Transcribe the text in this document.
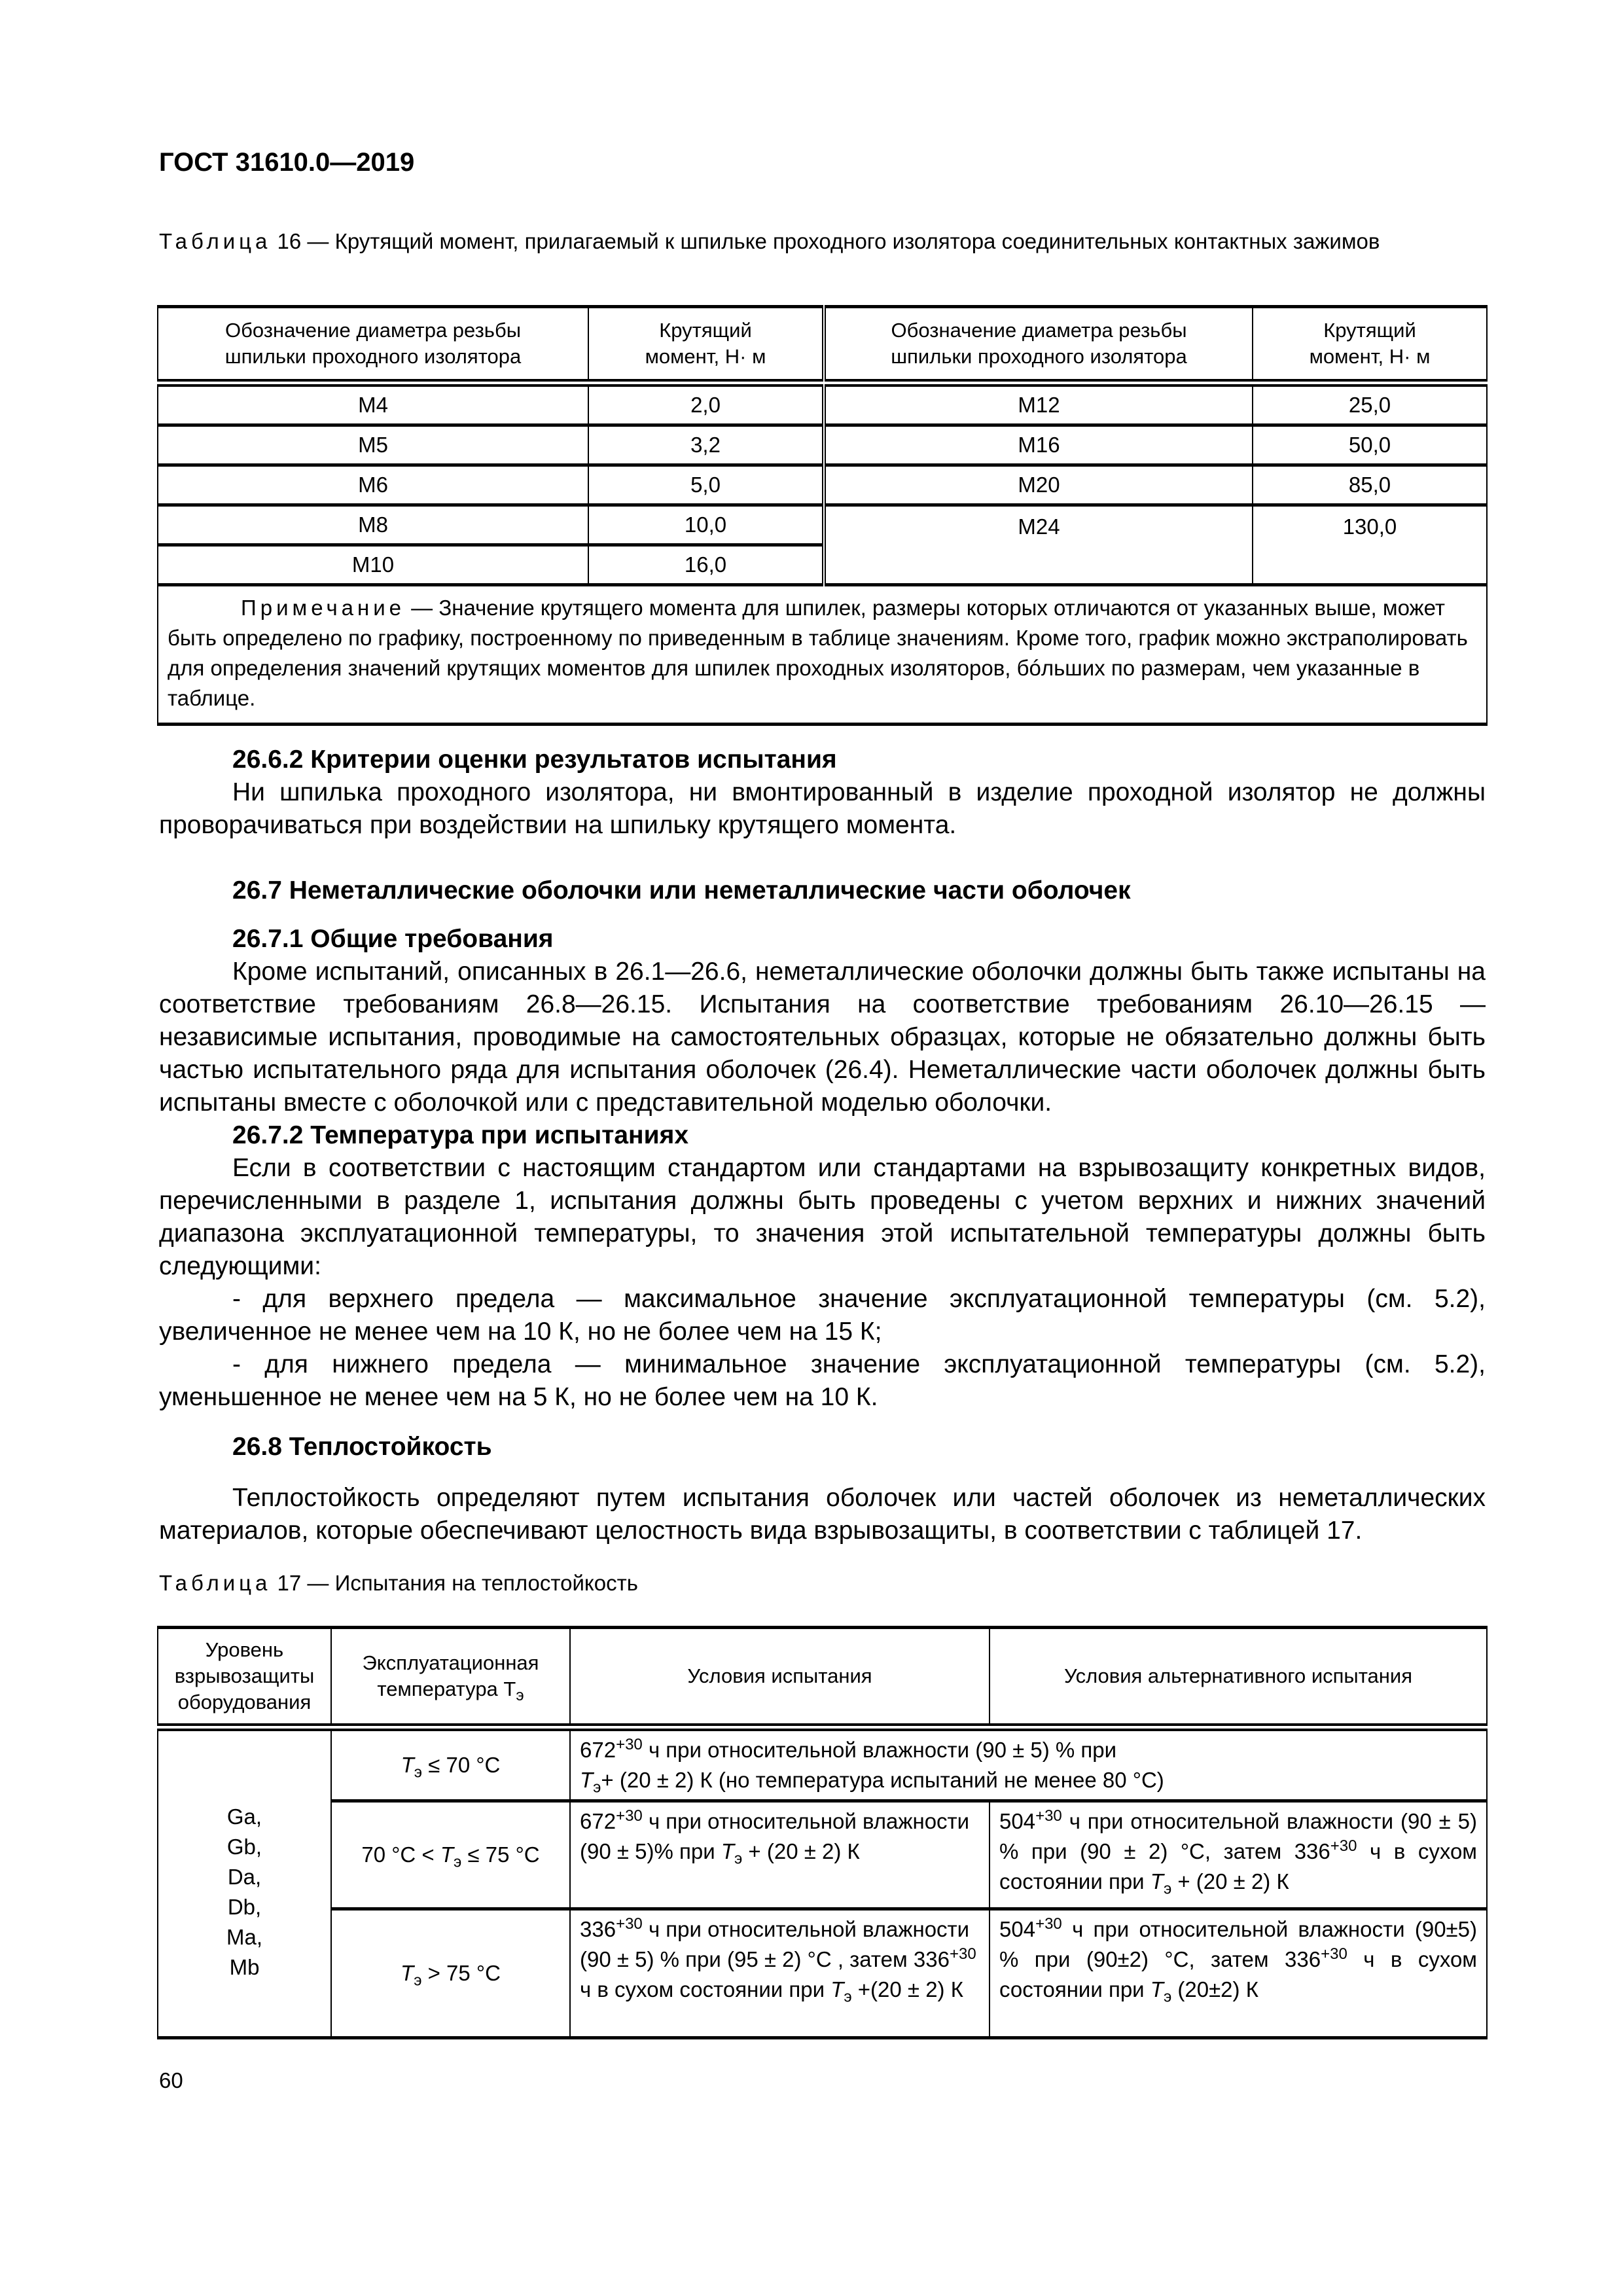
ГОСТ 31610.0—2019
Таблица 16 — Крутящий момент, прилагаемый к шпильке проходного изолятора соединительных контактных зажимов
Обозначение диаметра резьбы шпильки проходного изолятора	Крутящий момент, Н· м	Обозначение диаметра резьбы шпильки проходного изолятора	Крутящий момент, Н· м

M4	2,0	M12	25,0
M5	3,2	M16	50,0
M6	5,0	M20	85,0
M8	10,0	M24	130,0
M10	16,0		
Примечание — Значение крутящего момента для шпилек, размеры которых отличаются от указанных выше, может быть определено по графику, построенному по приведенным в таблице значениям. Кроме того, график можно экстраполировать для определения значений крутящих моментов для шпилек проходных изоляторов, бóльших по размерам, чем указанные в таблице.			
26.6.2 Критерии оценки результатов испытания

Ни шпилька проходного изолятора, ни вмонтированный в изделие проходной изолятор не должны проворачиваться при воздействии на шпильку крутящего момента.

26.7 Неметаллические оболочки или неметаллические части оболочек
26.7.1 Общие требования

Кроме испытаний, описанных в 26.1—26.6, неметаллические оболочки должны быть также испытаны на соответствие требованиям 26.8—26.15. Испытания на соответствие требованиям 26.10—26.15 — независимые испытания, проводимые на самостоятельных образцах, которые не обязательно должны быть частью испытательного ряда для испытания оболочек (26.4). Неметаллические части оболочек должны быть испытаны вместе с оболочкой или с представительной моделью оболочки.

26.7.2 Температура при испытаниях

Если в соответствии с настоящим стандартом или стандартами на взрывозащиту конкретных видов, перечисленными в разделе 1, испытания должны быть проведены с учетом верхних и нижних значений диапазона эксплуатационной температуры, то значения этой испытательной температуры должны быть следующими:

- для верхнего предела — максимальное значение эксплуатационной температуры (см. 5.2), увеличенное не менее чем на 10 К, но не более чем на 15 К;

- для нижнего предела — минимальное значение эксплуатационной температуры (см. 5.2), уменьшенное не менее чем на 5 К, но не более чем на 10 К.

26.8 Теплостойкость

Теплостойкость определяют путем испытания оболочек или частей оболочек из неметаллических материалов, которые обеспечивают целостность вида взрывозащиты, в соответствии с таблицей 17.

Таблица 17 — Испытания на теплостойкость
Уровень взрывозащиты оборудования	Эксплуатационная температура $T_э$	Условия испытания	Условия альтернативного испытания

Ga,
Gb,
Da,
Db,
Ma,
Mb
	$T_э \le 70$ °C	$672^{+30}$ ч при относительной влажности (90 ± 5) % при
$T_э+ (20 \pm 2)$ К (но температура испытаний не менее 80 °С)
	70 $^\circ C < T_э \le 75$ °C	$672^{+30}$ ч при относительной влажности (90 ± 5)% при $T_э + (20 \pm 2)$ К	$504^{+30}$ ч при относительной влажности (90 ± 5) % при (90 ± 2) °С, затем $336^{+30}$ ч в сухом состоянии при $T_э + (20 \pm 2)$ К
	$T_э > 75$ °C	$336^{+30}$ ч при относительной влажности (90 ± 5) % при (95 ± 2) °С , затем $336^{+30}$ ч в сухом состоянии при $T_э +(20 \pm 2)$ К	$504^{+30}$ ч при относительной влажности (90±5) % при (90±2) °С, затем $336^{+30}$ ч в сухом состоянии при $T_э$ (20±2) К
60
